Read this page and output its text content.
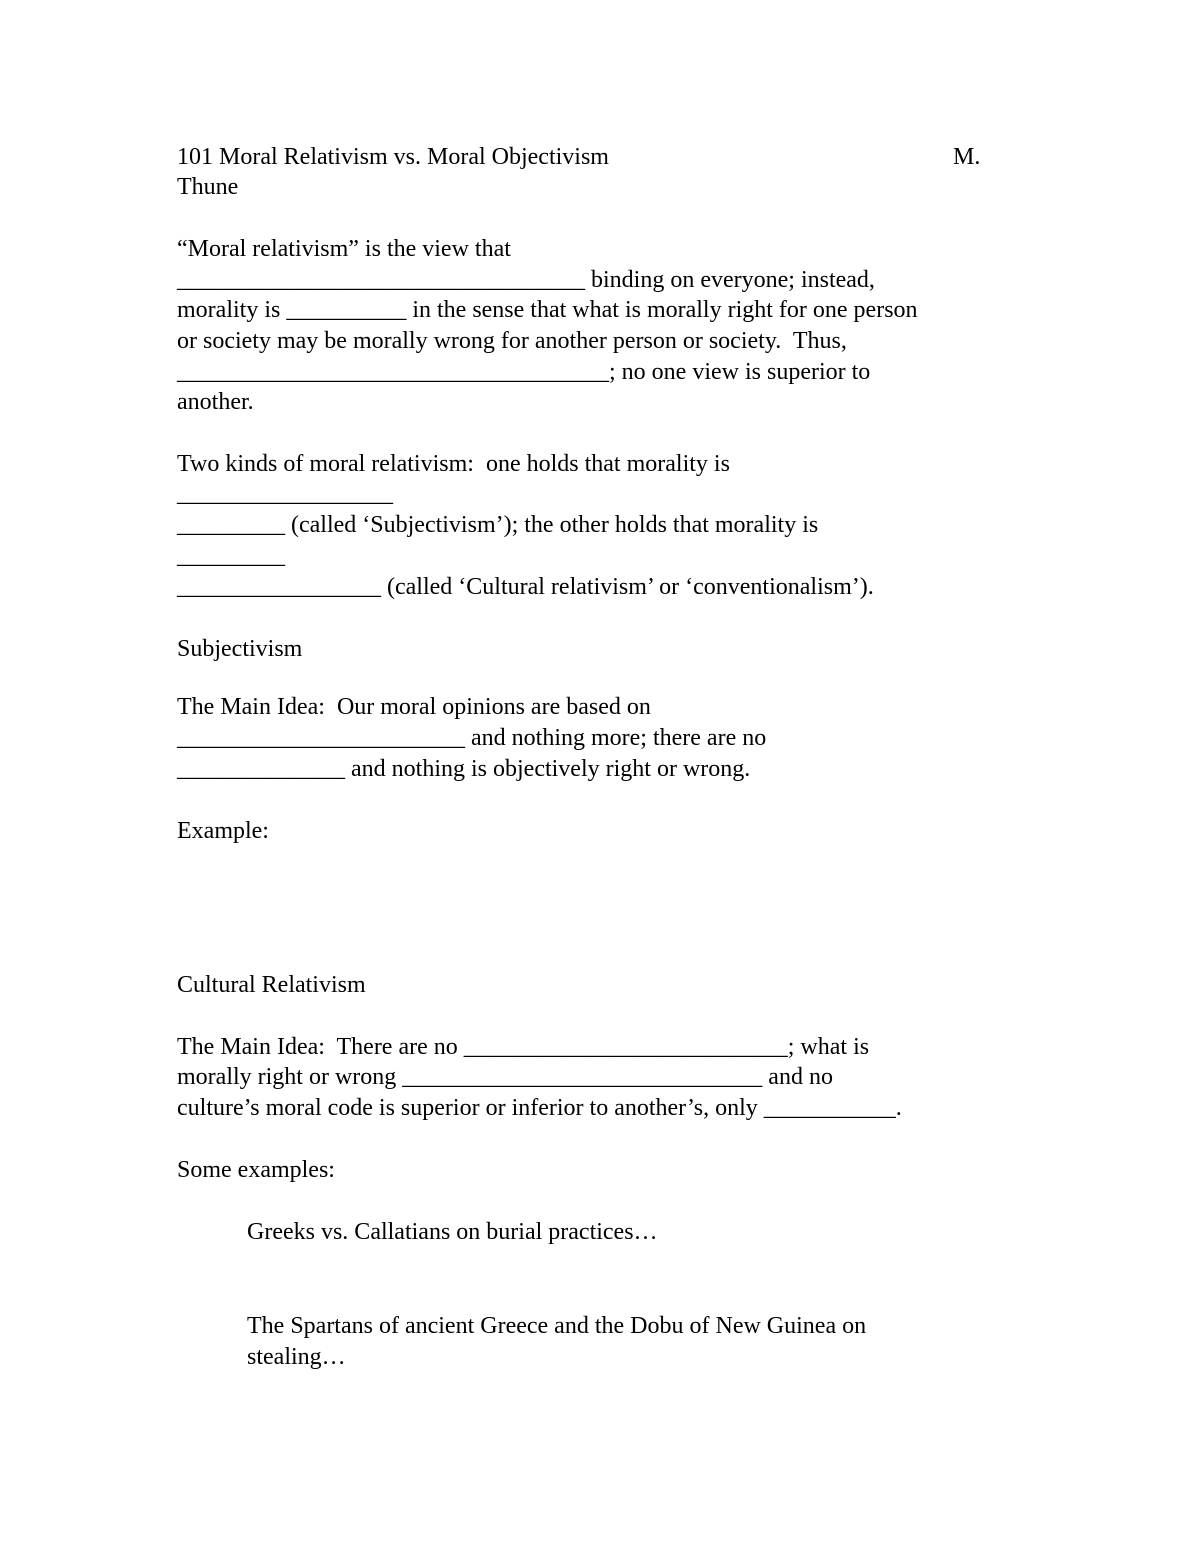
101 Moral Relativism vs. Moral Objectivism	M.
Thune
“Moral relativism” is the view that
__________________________________ binding on everyone; instead,
morality is __________ in the sense that what is morally right for one person
or society may be morally wrong for another person or society.  Thus,
____________________________________; no one view is superior to
another.
Two kinds of moral relativism:  one holds that morality is
__________________
_________ (called ‘Subjectivism’); the other holds that morality is
_________
_________________ (called ‘Cultural relativism’ or ‘conventionalism’).
Subjectivism
The Main Idea:  Our moral opinions are based on
________________________ and nothing more; there are no
______________ and nothing is objectively right or wrong.
Example:
Cultural Relativism
The Main Idea:  There are no ___________________________; what is
morally right or wrong ______________________________ and no
culture’s moral code is superior or inferior to another’s, only ___________.
Some examples:
Greeks vs. Callatians on burial practices…
The Spartans of ancient Greece and the Dobu of New Guinea on
stealing…
